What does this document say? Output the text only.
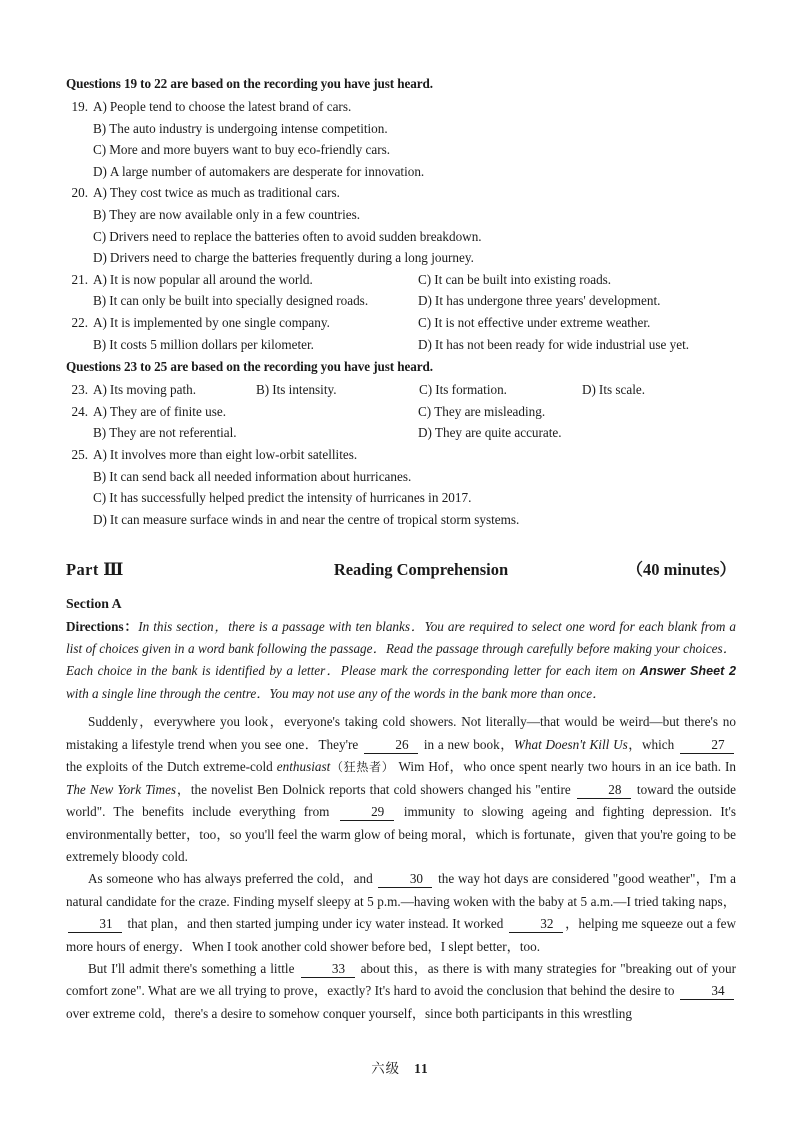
Questions 19 to 22 are based on the recording you have just heard.
19. A) People tend to choose the latest brand of cars.
B) The auto industry is undergoing intense competition.
C) More and more buyers want to buy eco-friendly cars.
D) A large number of automakers are desperate for innovation.
20. A) They cost twice as much as traditional cars.
B) They are now available only in a few countries.
C) Drivers need to replace the batteries often to avoid sudden breakdown.
D) Drivers need to charge the batteries frequently during a long journey.
21. A) It is now popular all around the world.	C) It can be built into existing roads.
B) It can only be built into specially designed roads.	D) It has undergone three years' development.
22. A) It is implemented by one single company.	C) It is not effective under extreme weather.
B) It costs 5 million dollars per kilometer.	D) It has not been ready for wide industrial use yet.
Questions 23 to 25 are based on the recording you have just heard.
23. A) Its moving path.	B) Its intensity.	C) Its formation.	D) Its scale.
24. A) They are of finite use.	C) They are misleading.
B) They are not referential.	D) They are quite accurate.
25. A) It involves more than eight low-orbit satellites.
B) It can send back all needed information about hurricanes.
C) It has successfully helped predict the intensity of hurricanes in 2017.
D) It can measure surface winds in and near the centre of tropical storm systems.
Part Ⅲ	Reading Comprehension	（40 minutes）
Section A
Directions：In this section，there is a passage with ten blanks．You are required to select one word for each blank from a list of choices given in a word bank following the passage．Read the passage through carefully before making your choices．Each choice in the bank is identified by a letter．Please mark the corresponding letter for each item on Answer Sheet 2 with a single line through the centre．You may not use any of the words in the bank more than once．

Suddenly，everywhere you look，everyone's taking cold showers. Not literally—that would be weird—but there's no mistaking a lifestyle trend when you see one．They're	26 in a new book，What Doesn't Kill Us，which	27 the exploits of the Dutch extreme-cold enthusiast（狂热者） Wim Hof，who once spent nearly two hours in an ice bath. In The New York Times，the novelist Ben Dolnick reports that cold showers changed his "entire	28 toward the outside world". The benefits include everything from	29 immunity to slowing ageing and fighting depression. It's environmentally better，too，so you'll feel the warm glow of being moral，which is fortunate，given that you're going to be extremely bloody cold.

As someone who has always preferred the cold，and	30 the way hot days are considered "good weather"，I'm a natural candidate for the craze. Finding myself sleepy at 5 p.m.—having woken with the baby at 5 a.m.—I tried taking naps，31 that plan，and then started jumping under icy water instead. It worked	32 ，helping me squeeze out a few more hours of energy．When I took another cold shower before bed，I slept better，too.

But I'll admit there's something a little	33 about this，as there is with many strategies for "breaking out of your comfort zone". What are we all trying to prove，exactly? It's hard to avoid the conclusion that behind the desire to	34 over extreme cold，there's a desire to somehow conquer yourself，since both participants in this wrestling

六级 11
